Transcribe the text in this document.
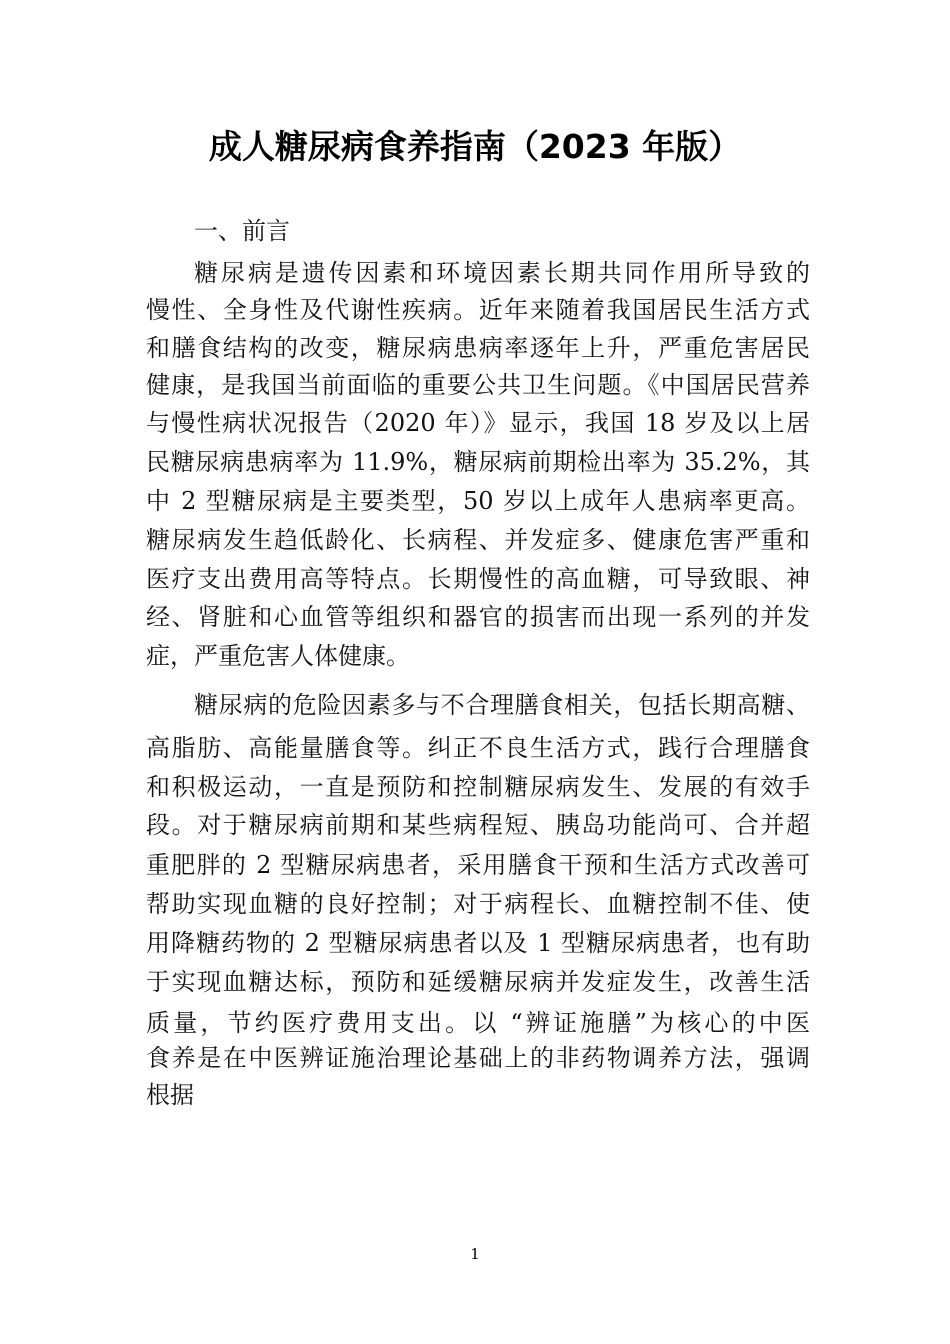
成人糖尿病食养指南（2023 年版）
一、前言
糖尿病是遗传因素和环境因素长期共同作用所导致的
慢性、全身性及代谢性疾病。近年来随着我国居民生活方式
和膳食结构的改变，糖尿病患病率逐年上升，严重危害居民
健康，是我国当前面临的重要公共卫生问题。《中国居民营养
与慢性病状况报告（2020 年）》显示，我国 18 岁及以上居
民糖尿病患病率为 11.9%，糖尿病前期检出率为 35.2%，其
中 2 型糖尿病是主要类型，50 岁以上成年人患病率更高。
糖尿病发生趋低龄化、长病程、并发症多、健康危害严重和
医疗支出费用高等特点。长期慢性的高血糖，可导致眼、神
经、肾脏和心血管等组织和器官的损害而出现一系列的并发
症，严重危害人体健康。
糖尿病的危险因素多与不合理膳食相关，包括长期高糖、
高脂肪、高能量膳食等。纠正不良生活方式，践行合理膳食
和积极运动，一直是预防和控制糖尿病发生、发展的有效手
段。对于糖尿病前期和某些病程短、胰岛功能尚可、合并超
重肥胖的 2 型糖尿病患者，采用膳食干预和生活方式改善可
帮助实现血糖的良好控制；对于病程长、血糖控制不佳、使
用降糖药物的 2 型糖尿病患者以及 1 型糖尿病患者，也有助
于实现血糖达标，预防和延缓糖尿病并发症发生，改善生活
质量，节约医疗费用支出。以 “辨证施膳”为核心的中医
食养是在中医辨证施治理论基础上的非药物调养方法，强调
根据
1
